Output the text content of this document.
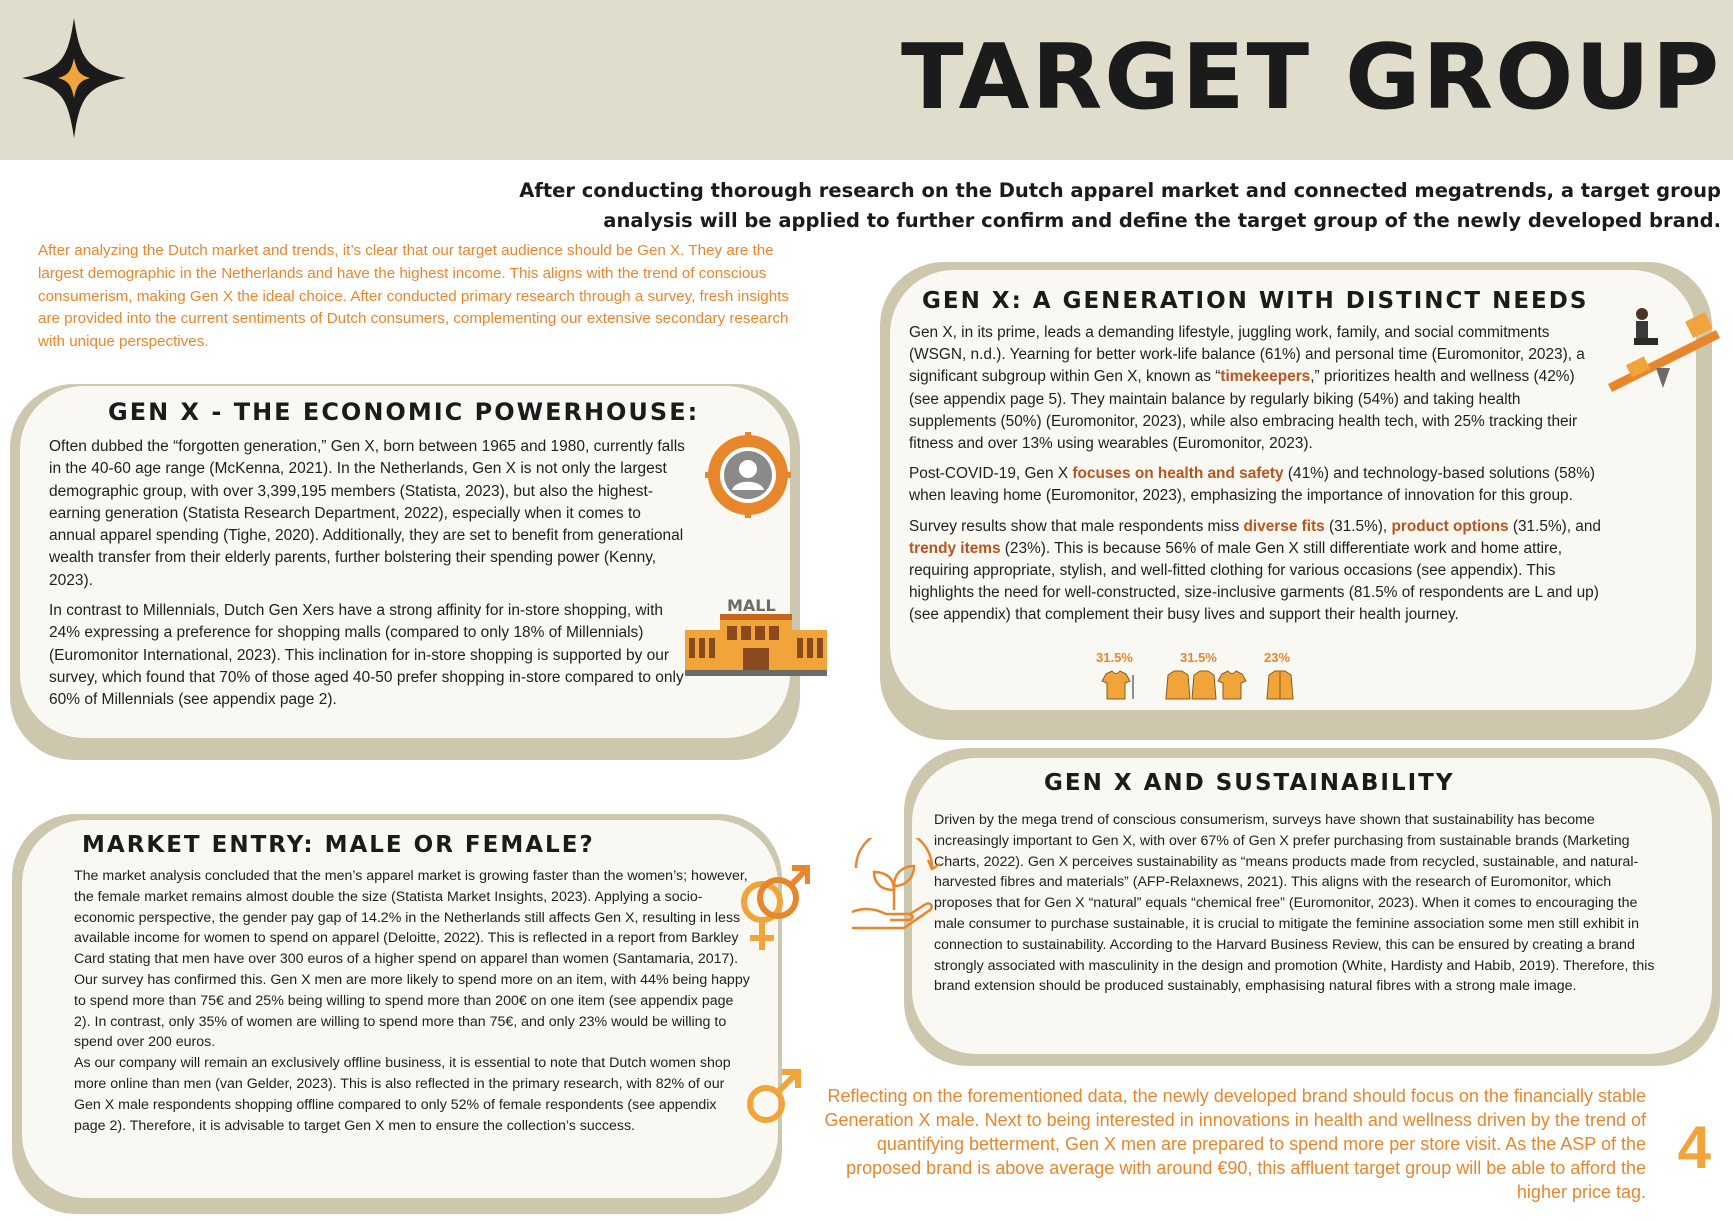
TARGET GROUP
After conducting thorough research on the Dutch apparel market and connected megatrends, a target group analysis will be applied to further confirm and define the target group of the newly developed brand.
After analyzing the Dutch market and trends, it’s clear that our target audience should be Gen X. They are the largest demographic in the Netherlands and have the highest income. This aligns with the trend of conscious consumerism, making Gen X the ideal choice. After conducted primary research through a survey, fresh insights are provided into the current sentiments of Dutch consumers, complementing our extensive secondary research with unique perspectives.
GEN X - THE ECONOMIC POWERHOUSE:

Often dubbed the “forgotten generation,” Gen X, born between 1965 and 1980, currently falls in the 40-60 age range (McKenna, 2021). In the Netherlands, Gen X is not only the largest demographic group, with over 3,399,195 members (Statista, 2023), but also the highest-earning generation (Statista Research Department, 2022), especially when it comes to annual apparel spending (Tighe, 2020). Additionally, they are set to benefit from generational wealth transfer from their elderly parents, further bolstering their spending power (Kenny, 2023).

In contrast to Millennials, Dutch Gen Xers have a strong affinity for in-store shopping, with 24% expressing a preference for shopping malls (compared to only 18% of Millennials) (Euromonitor International, 2023). This inclination for in-store shopping is supported by our survey, which found that 70% of those aged 40-50 prefer shopping in-store compared to only 60% of Millennials (see appendix page 2).

MALL
MARKET ENTRY: MALE OR FEMALE?

The market analysis concluded that the men’s apparel market is growing faster than the women’s; however, the female market remains almost double the size (Statista Market Insights, 2023). Applying a socio-economic perspective, the gender pay gap of 14.2% in the Netherlands still affects Gen X, resulting in less available income for women to spend on apparel (Deloitte, 2022). This is reflected in a report from Barkley Card stating that men have over 300 euros of a higher spend on apparel than women (Santamaria, 2017). Our survey has confirmed this. Gen X men are more likely to spend more on an item, with 44% being happy to spend more than 75€ and 25% being willing to spend more than 200€ on one item (see appendix page 2). In contrast, only 35% of women are willing to spend more than 75€, and only 23% would be willing to spend over 200 euros.

As our company will remain an exclusively offline business, it is essential to note that Dutch women shop more online than men (van Gelder, 2023). This is also reflected in the primary research, with 82% of our Gen X male respondents shopping offline compared to only 52% of female respondents (see appendix page 2). Therefore, it is advisable to target Gen X men to ensure the collection’s success.

GEN X: A GENERATION WITH DISTINCT NEEDS

Gen X, in its prime, leads a demanding lifestyle, juggling work, family, and social commitments (WSGN, n.d.). Yearning for better work-life balance (61%) and personal time (Euromonitor, 2023), a significant subgroup within Gen X, known as “timekeepers,” prioritizes health and wellness (42%) (see appendix page 5). They maintain balance by regularly biking (54%) and taking health supplements (50%) (Euromonitor, 2023), while also embracing health tech, with 25% tracking their fitness and over 13% using wearables (Euromonitor, 2023).

Post-COVID-19, Gen X focuses on health and safety (41%) and technology-based solutions (58%) when leaving home (Euromonitor, 2023), emphasizing the importance of innovation for this group.

Survey results show that male respondents miss diverse fits (31.5%), product options (31.5%), and trendy items (23%). This is because 56% of male Gen X still differentiate work and home attire, requiring appropriate, stylish, and well-fitted clothing for various occasions (see appendix). This highlights the need for well-constructed, size-inclusive garments (81.5% of respondents are L and up) (see appendix) that complement their busy lives and support their health journey.

31.5%	31.5%	23%
GEN X AND SUSTAINABILITY
Driven by the mega trend of conscious consumerism, surveys have shown that sustainability has become increasingly important to Gen X, with over 67% of Gen X prefer purchasing from sustainable brands (Marketing Charts, 2022). Gen X perceives sustainability as “means products made from recycled, sustainable, and natural-harvested fibres and materials” (AFP-Relaxnews, 2021). This aligns with the research of Euromonitor, which proposes that for Gen X “natural” equals “chemical free” (Euromonitor, 2023). When it comes to encouraging the male consumer to purchase sustainable, it is crucial to mitigate the feminine association some men still exhibit in connection to sustainability. According to the Harvard Business Review, this can be ensured by creating a brand strongly associated with masculinity in the design and promotion (White, Hardisty and Habib, 2019). Therefore, this brand extension should be produced sustainably, emphasising natural fibres with a strong male image.
Reflecting on the forementioned data, the newly developed brand should focus on the financially stable Generation X male. Next to being interested in innovations in health and wellness driven by the trend of quantifying betterment, Gen X men are prepared to spend more per store visit. As the ASP of the proposed brand is above average with around €90, this affluent target group will be able to afford the higher price tag.
4
